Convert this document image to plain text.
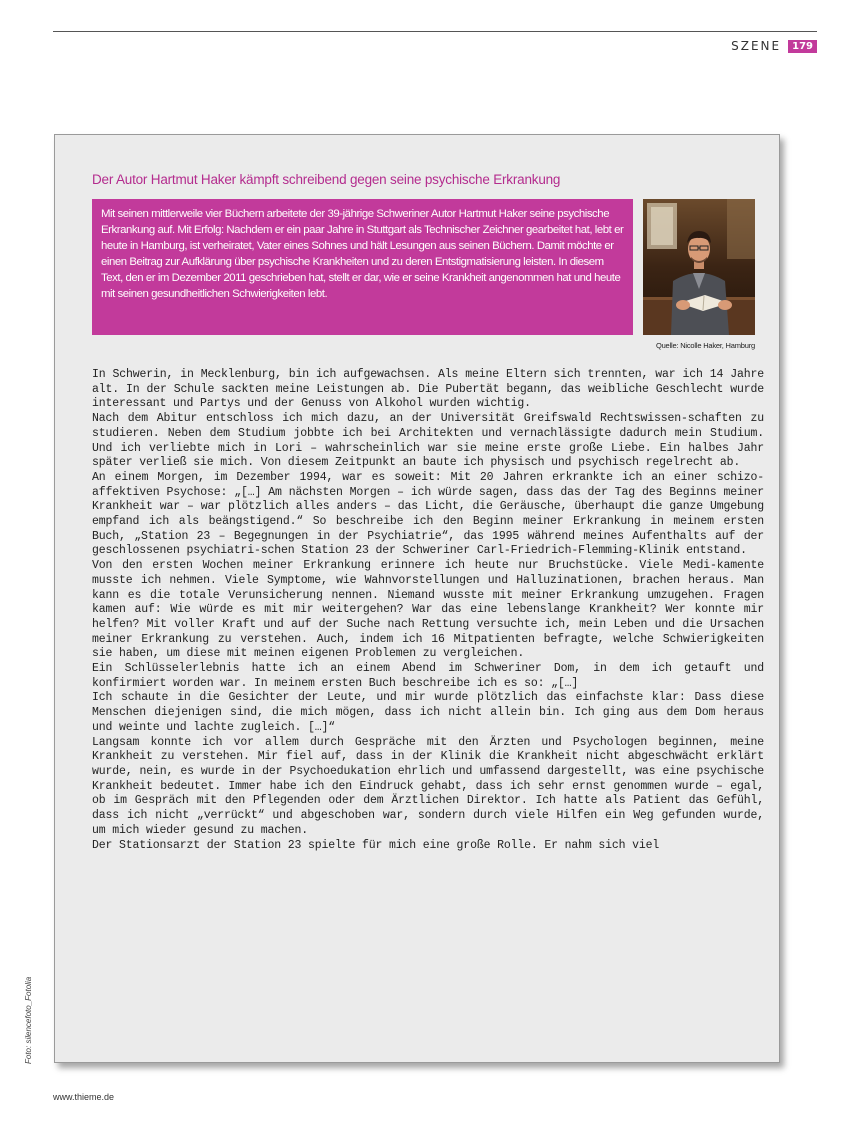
SZENE	179
Der Autor Hartmut Haker kämpft schreibend gegen seine psychische Erkrankung
Mit seinen mittlerweile vier Büchern arbeitete der 39-jährige Schweriner Autor Hartmut Haker seine psychische Erkrankung auf. Mit Erfolg: Nachdem er ein paar Jahre in Stuttgart als Technischer Zeichner gearbeitet hat, lebt er heute in Hamburg, ist verheiratet, Vater eines Sohnes und hält Lesungen aus seinen Büchern. Damit möchte er einen Beitrag zur Aufklärung über psychische Krankheiten und zu deren Entstigmatisierung leisten. In diesem Text, den er im Dezember 2011 geschrieben hat, stellt er dar, wie er seine Krankheit angenommen hat und heute mit seinen gesundheitlichen Schwierigkeiten lebt.
Quelle: Nicolle Haker, Hamburg

In Schwerin, in Mecklenburg, bin ich aufgewachsen. Als meine Eltern sich trennten, war ich 14 Jahre alt. In der Schule sackten meine Leistungen ab. Die Pubertät begann, das weibliche Geschlecht wurde interessant und Partys und der Genuss von Alkohol wurden wichtig.

Nach dem Abitur entschloss ich mich dazu, an der Universität Greifswald Rechtswissen-schaften zu studieren. Neben dem Studium jobbte ich bei Architekten und vernachlässigte dadurch mein Studium. Und ich verliebte mich in Lori – wahrscheinlich war sie meine erste große Liebe. Ein halbes Jahr später verließ sie mich. Von diesem Zeitpunkt an baute ich physisch und psychisch regelrecht ab.

An einem Morgen, im Dezember 1994, war es soweit: Mit 20 Jahren erkrankte ich an einer schizo-affektiven Psychose: „[…] Am nächsten Morgen – ich würde sagen, dass das der Tag des Beginns meiner Krankheit war – war plötzlich alles anders – das Licht, die Geräusche, überhaupt die ganze Umgebung empfand ich als beängstigend.“ So beschreibe ich den Beginn meiner Erkrankung in meinem ersten Buch, „Station 23 – Begegnungen in der Psychiatrie“, das 1995 während meines Aufenthalts auf der geschlossenen psychiatri-schen Station 23 der Schweriner Carl-Friedrich-Flemming-Klinik entstand.

Von den ersten Wochen meiner Erkrankung erinnere ich heute nur Bruchstücke. Viele Medi-kamente musste ich nehmen. Viele Symptome, wie Wahnvorstellungen und Halluzinationen, brachen heraus. Man kann es die totale Verunsicherung nennen. Niemand wusste mit meiner Erkrankung umzugehen. Fragen kamen auf: Wie würde es mit mir weitergehen? War das eine lebenslange Krankheit? Wer konnte mir helfen? Mit voller Kraft und auf der Suche nach Rettung versuchte ich, mein Leben und die Ursachen meiner Erkrankung zu verstehen. Auch, indem ich 16 Mitpatienten befragte, welche Schwierigkeiten sie haben, um diese mit meinen eigenen Problemen zu vergleichen.

Ein Schlüsselerlebnis hatte ich an einem Abend im Schweriner Dom, in dem ich getauft und konfirmiert worden war. In meinem ersten Buch beschreibe ich es so: „[…]

Ich schaute in die Gesichter der Leute, und mir wurde plötzlich das einfachste klar: Dass diese Menschen diejenigen sind, die mich mögen, dass ich nicht allein bin. Ich ging aus dem Dom heraus und weinte und lachte zugleich. […]“

Langsam konnte ich vor allem durch Gespräche mit den Ärzten und Psychologen beginnen, meine Krankheit zu verstehen. Mir fiel auf, dass in der Klinik die Krankheit nicht abgeschwächt erklärt wurde, nein, es wurde in der Psychoedukation ehrlich und umfassend dargestellt, was eine psychische Krankheit bedeutet. Immer habe ich den Eindruck gehabt, dass ich sehr ernst genommen wurde – egal, ob im Gespräch mit den Pflegenden oder dem Ärztlichen Direktor. Ich hatte als Patient das Gefühl, dass ich nicht „verrückt“ und abgeschoben war, sondern durch viele Hilfen ein Weg gefunden wurde, um mich wieder gesund zu machen.

Der Stationsarzt der Station 23 spielte für mich eine große Rolle. Er nahm sich viel

Foto: silencefoto_Fotolia
www.thieme.de
